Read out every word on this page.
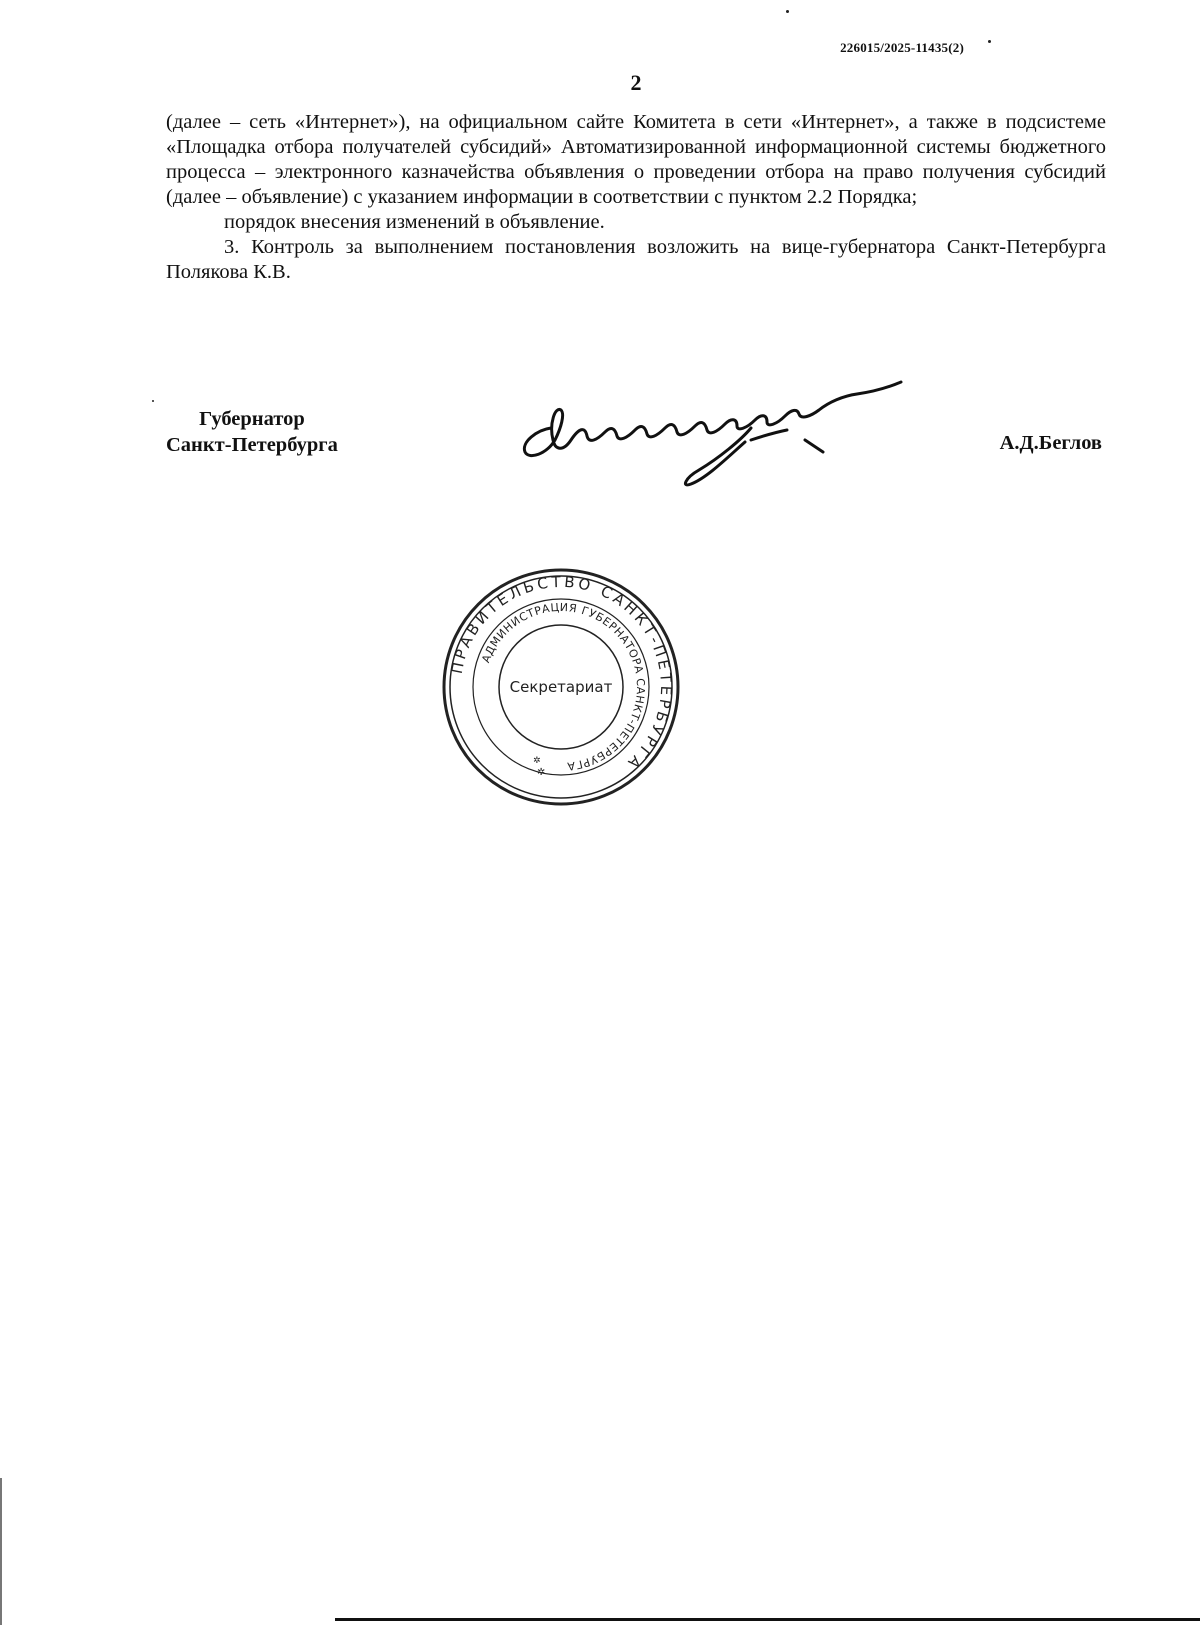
226015/2025-11435(2)
2

(далее – сеть «Интернет»), на официальном сайте Комитета в сети «Интернет», а также в подсистеме «Площадка отбора получателей субсидий» Автоматизированной информационной системы бюджетного процесса – электронного казначейства объявления о проведении отбора на право получения субсидий (далее – объявление) с указанием информации в соответствии с пунктом 2.2 Порядка;

порядок внесения изменений в объявление.

3. Контроль за выполнением постановления возложить на вице-губернатора Санкт-Петербурга Полякова К.В.

Губернатор
Санкт-Петербурга	А.Д.Беглов
ПРАВИТЕЛЬСТВО САНКТ-ПЕТЕРБУРГА
АДМИНИСТРАЦИЯ ГУБЕРНАТОРА САНКТ-ПЕТЕРБУРГА
Секретариат
✲
✲
